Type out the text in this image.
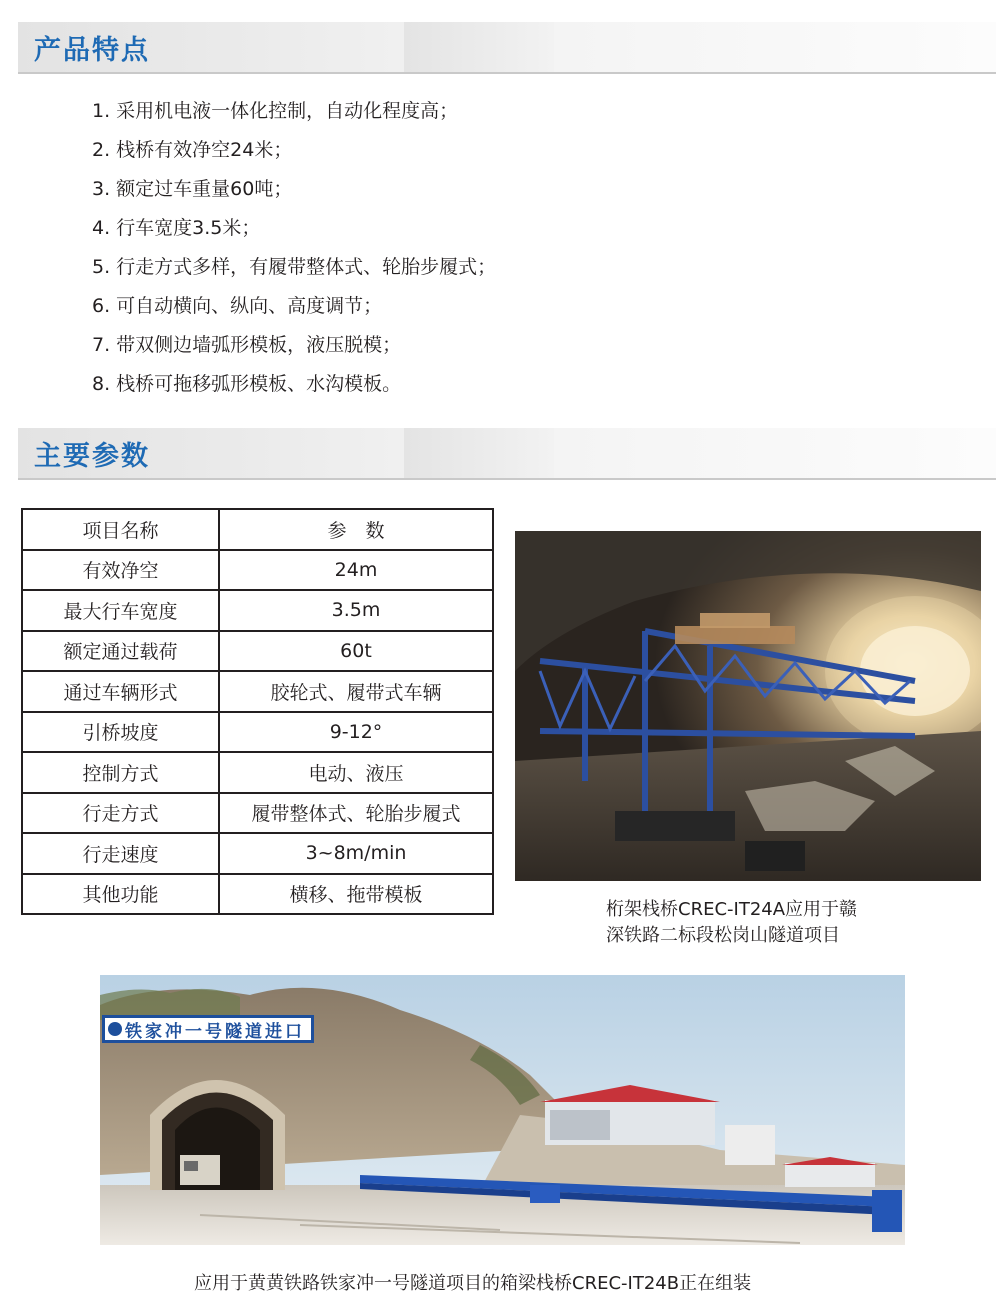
产品特点
1. 采用机电液一体化控制，自动化程度高；
2. 栈桥有效净空24米；
3. 额定过车重量60吨；
4. 行车宽度3.5米；
5. 行走方式多样，有履带整体式、轮胎步履式；
6. 可自动横向、纵向、高度调节；
7. 带双侧边墙弧形模板，液压脱模；
8. 栈桥可拖移弧形模板、水沟模板。
主要参数
项目名称	参　数
有效净空	24m
最大行车宽度	3.5m
额定通过载荷	60t
通过车辆形式	胶轮式、履带式车辆
引桥坡度	9-12°
控制方式	电动、液压
行走方式	履带整体式、轮胎步履式
行走速度	3~8m/min
其他功能	横移、拖带模板
桁架栈桥CREC-IT24A应用于赣
深铁路二标段松岗山隧道项目
铁家冲一号隧道进口
应用于黄黄铁路铁家冲一号隧道项目的箱梁栈桥CREC-IT24B正在组装
